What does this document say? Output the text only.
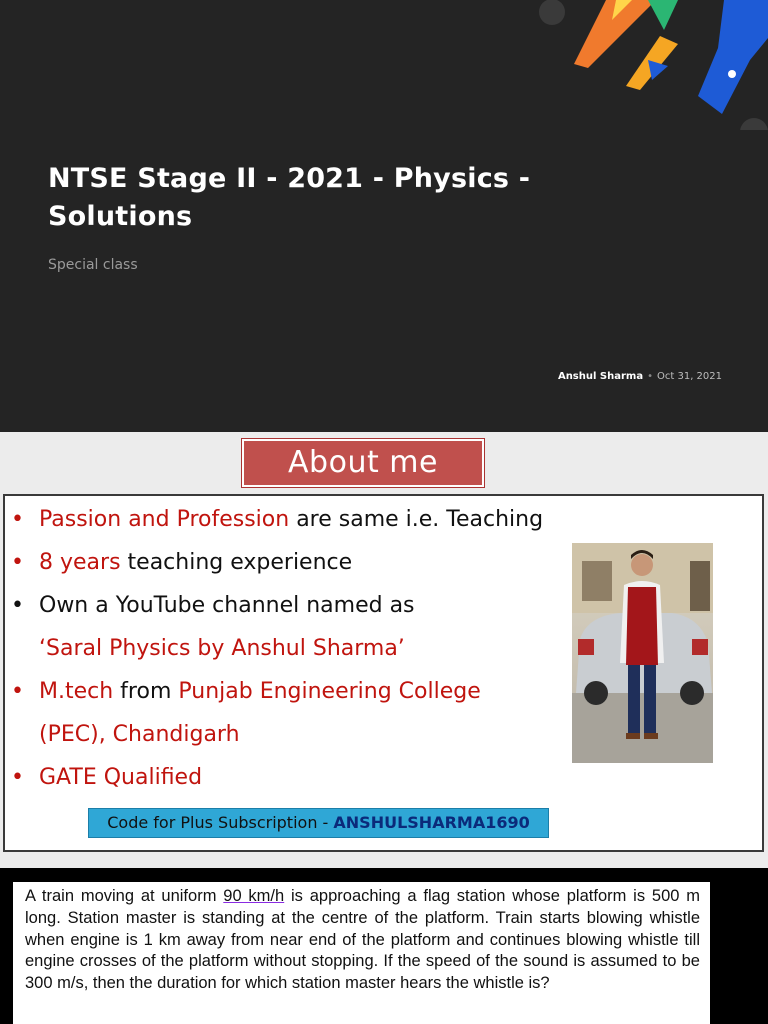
NTSE Stage II - 2021 - Physics - Solutions

Special class

Anshul Sharma • Oct 31, 2021
About me
• Passion and Profession are same i.e. Teaching
• 8 years teaching experience
• Own a YouTube channel named as
‘Saral Physics by Anshul Sharma’
• M.tech from Punjab Engineering College
(PEC), Chandigarh
• GATE Qualified
Code for Plus Subscription - ANSHULSHARMA1690

A train moving at uniform 90 km/h is approaching a flag station whose platform is 500 m long. Station master is standing at the centre of the platform. Train starts blowing whistle when engine is 1 km away from near end of the platform and continues blowing whistle till engine crosses of the platform without stopping. If the speed of the sound is assumed to be 300 m/s, then the duration for which station master hears the whistle is?
